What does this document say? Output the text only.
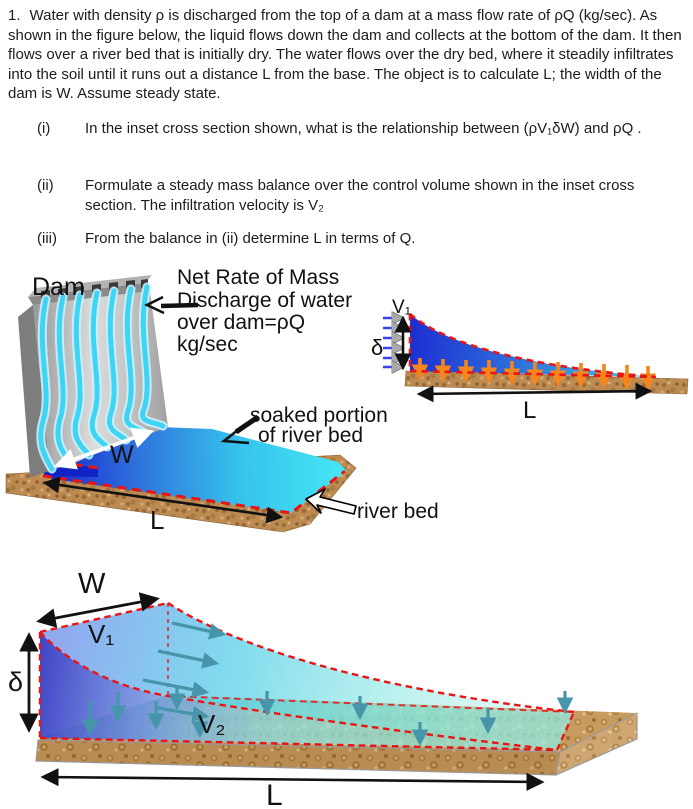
1. Water with density ρ is discharged from the top of a dam at a mass flow rate of ρQ (kg/sec). As shown in the figure below, the liquid flows down the dam and collects at the bottom of the dam. It then flows over a river bed that is initially dry. The water flows over the dry bed, where it steadily infiltrates into the soil until it runs out a distance L from the base. The object is to calculate L; the width of the dam is W. Assume steady state.
(i)	In the inset cross section shown, what is the relationship between (ρV₁δW) and ρQ .
(ii)	Formulate a steady mass balance over the control volume shown in the inset cross section. The infiltration velocity is V₂
(iii)	From the balance in (ii) determine L in terms of Q.
W
L
Dam	Net Rate of Mass
Discharge of water
over dam=ρQ
kg/sec
soaked portion
of river bed
river bed
δ
V₁
L
W
δ
V₁
V₂
L
